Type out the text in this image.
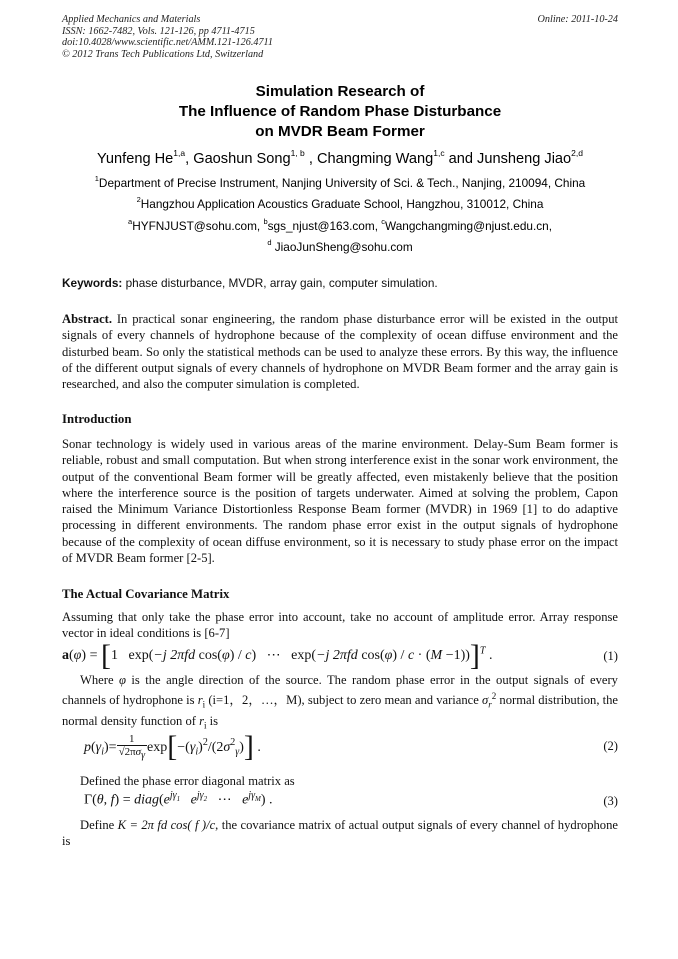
Applied Mechanics and Materials
ISSN: 1662-7482, Vols. 121-126, pp 4711-4715
doi:10.4028/www.scientific.net/AMM.121-126.4711
© 2012 Trans Tech Publications Ltd, Switzerland
Online: 2011-10-24
Simulation Research of
The Influence of Random Phase Disturbance
on MVDR Beam Former
Yunfeng He$^{1,a}$, Gaoshun Song$^{1, b}$ , Changming Wang$^{1,c}$ and Junsheng Jiao$^{2,d}$
$^1$Department of Precise Instrument, Nanjing University of Sci. & Tech., Nanjing, 210094, China
$^2$Hangzhou Application Acoustics Graduate School, Hangzhou, 310012, China
$^a$HYFNJUST@sohu.com, $^b$sgs_njust@163.com, $^c$Wangchangming@njust.edu.cn,
$^d$ JiaoJunSheng@sohu.com
Keywords: phase disturbance, MVDR, array gain, computer simulation.
Abstract. In practical sonar engineering, the random phase disturbance error will be existed in the output signals of every channels of hydrophone because of the complexity of ocean diffuse environment and the disturbed beam. So only the statistical methods can be used to analyze these errors. By this way, the influence of the different output signals of every channels of hydrophone on MVDR Beam former and the array gain is researched, and also the computer simulation is completed.
Introduction
Sonar technology is widely used in various areas of the marine environment. Delay-Sum Beam former is reliable, robust and small computation. But when strong interference exist in the sonar work environment, the output of the conventional Beam former will be greatly affected, even mistakenly believe that the position where the interference source is the position of targets underwater. Aimed at solving the problem, Capon raised the Minimum Variance Distortionless Response Beam former (MVDR) in 1969 [1] to do adaptive processing in different environments. The random phase error exist in the output signals of hydrophone because of the complexity of ocean diffuse environment, so it is necessary to study phase error on the impact of MVDR Beam former [2-5].
The Actual Covariance Matrix
Assuming that only take the phase error into account, take no account of amplitude error. Array response vector in ideal conditions is [6-7]
a(φ) = [1   exp(−j 2πfd cos(φ) / c) ⋯ exp(−j 2πfd cos(φ) / c · (M −1))]$^T$ .	(1)
Where φ is the angle direction of the source. The random phase error in the output signals of every channels of hydrophone is $r_i$ (i=1，2，…，M), subject to zero mean and variance $\sigma_r^2$ normal distribution, the normal density function of $r_i$ is
$p(\gamma_i)= \frac{1}{√2\pi\sigma_\gamma} \exp[-(\gamma_i)^2/(2\sigma^2_\gamma)]$ .	(2)
Defined the phase error diagonal matrix as
Γ(θ, $f) = diag(e^{j\gamma_1}$ $e^{j\gamma_2}$ ⋯ $e^{j\gamma_M}$) .	(3)
Define K = 2π fd cos( f )/c, the covariance matrix of actual output signals of every channel of hydrophone is
